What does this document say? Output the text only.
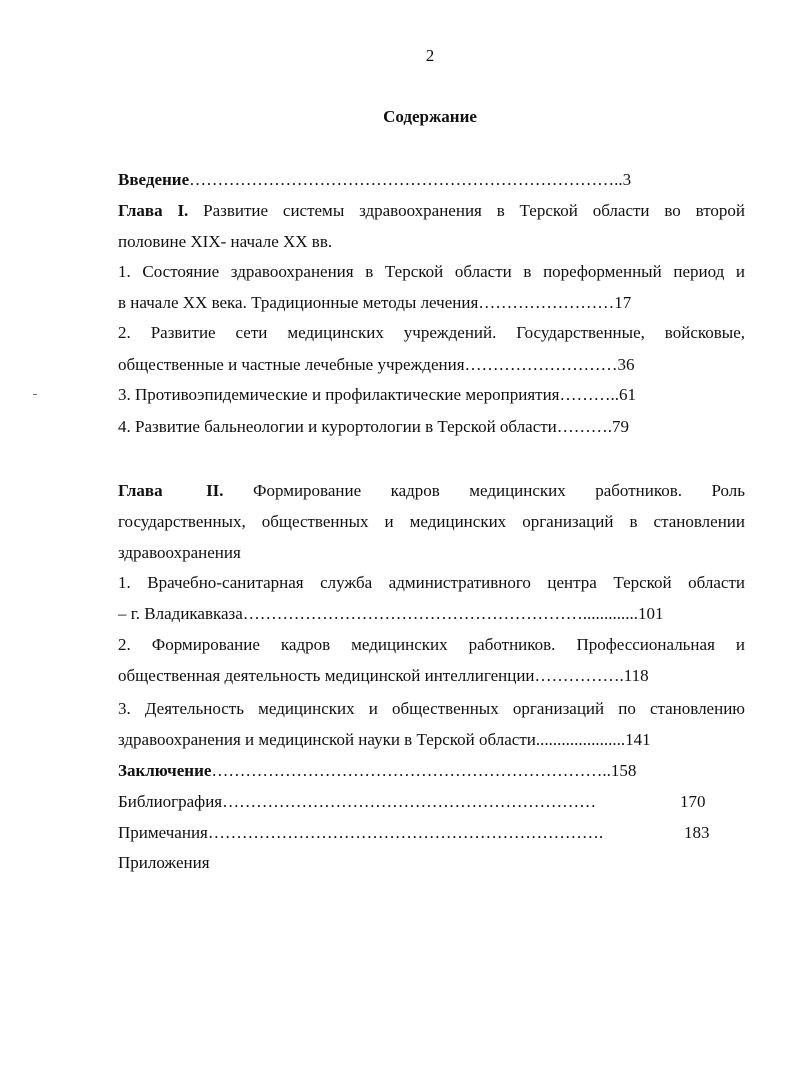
2
Содержание
Введение…………………………………………………………………..3
Глава I. Развитие системы здравоохранения в Терской области во второй
половине XIX- начале XX вв.
1. Состояние здравоохранения в Терской области в пореформенный период и
в начале XX века. Традиционные методы лечения……………………17
2. Развитие сети медицинских учреждений. Государственные, войсковые,
общественные и частные лечебные учреждения………………………36
3. Противоэпидемические и профилактические мероприятия………..61
4. Развитие бальнеологии и курортологии в Терской области……….79
Глава II. Формирование кадров медицинских работников. Роль
государственных, общественных и медицинских организаций в становлении
здравоохранения
1. Врачебно-санитарная служба административного центра Терской области
– г. Владикавказа…………………………………………………….............101
2. Формирование кадров медицинских работников. Профессиональная и
общественная деятельность медицинской интеллигенции…………….118
3. Деятельность медицинских и общественных организаций по становлению
здравоохранения и медицинской науки в Терской области.....................141
Заключение……………………………………………………………..158
Библиография…………………………………………………………	170
Примечания…………………………………………………………….	183
Приложения
